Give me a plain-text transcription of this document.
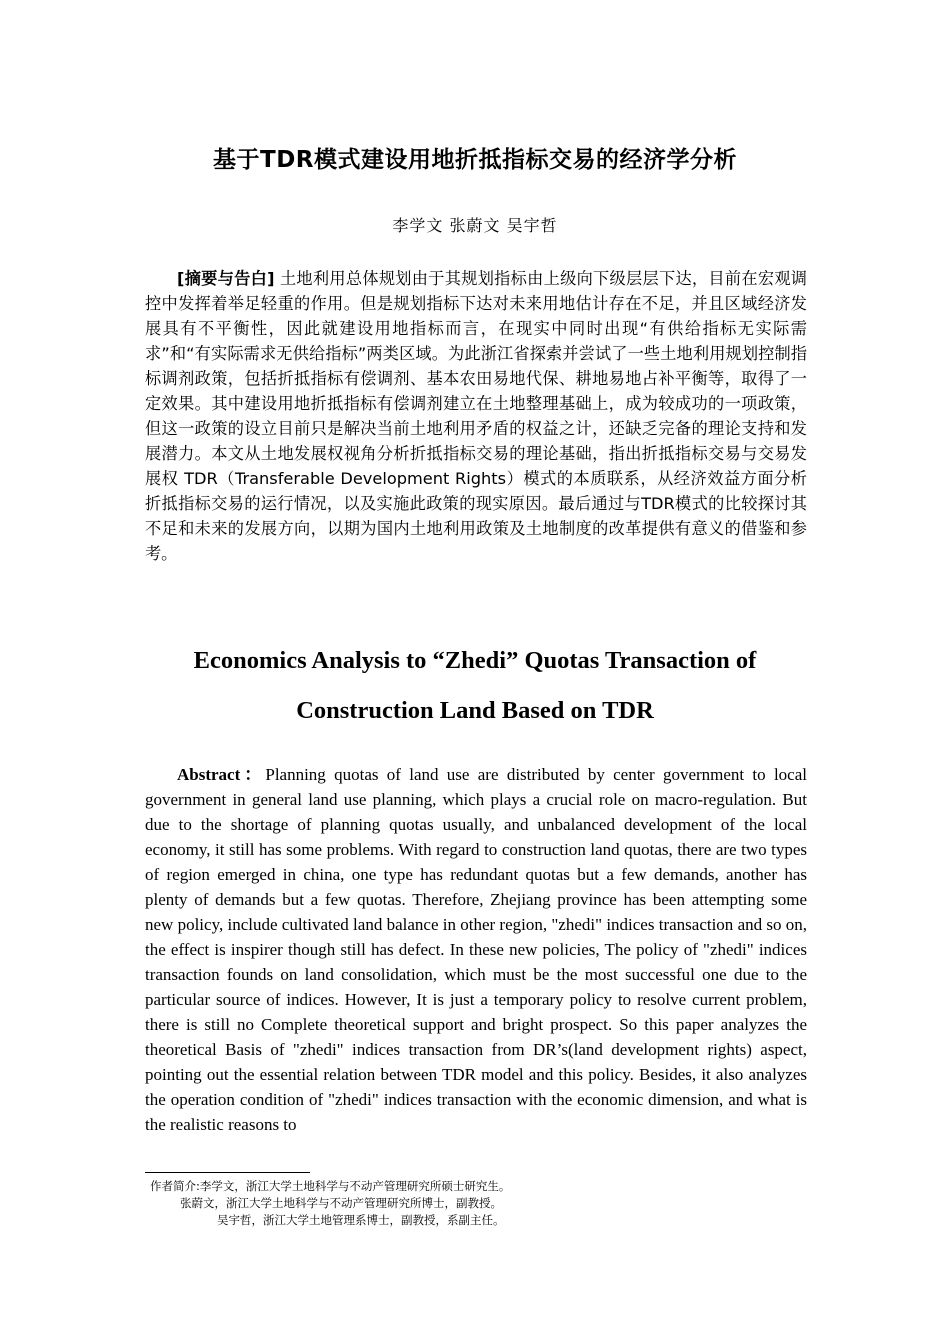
基于TDR模式建设用地折抵指标交易的经济学分析
李学文 张蔚文 吴宇哲

[摘要与告白] 土地利用总体规划由于其规划指标由上级向下级层层下达，目前在宏观调控中发挥着举足轻重的作用。但是规划指标下达对未来用地估计存在不足，并且区域经济发展具有不平衡性，因此就建设用地指标而言，在现实中同时出现“有供给指标无实际需求”和“有实际需求无供给指标”两类区域。为此浙江省探索并尝试了一些土地利用规划控制指标调剂政策，包括折抵指标有偿调剂、基本农田易地代保、耕地易地占补平衡等，取得了一定效果。其中建设用地折抵指标有偿调剂建立在土地整理基础上，成为较成功的一项政策，但这一政策的设立目前只是解决当前土地利用矛盾的权益之计，还缺乏完备的理论支持和发展潜力。本文从土地发展权视角分析折抵指标交易的理论基础，指出折抵指标交易与交易发展权 TDR（Transferable Development Rights）模式的本质联系，从经济效益方面分析折抵指标交易的运行情况，以及实施此政策的现实原因。最后通过与TDR模式的比较探讨其不足和未来的发展方向，以期为国内土地利用政策及土地制度的改革提供有意义的借鉴和参考。

Economics Analysis to “Zhedi” Quotas Transaction of
Construction Land Based on TDR

Abstract：Planning quotas of land use are distributed by center government to local government in general land use planning, which plays a crucial role on macro-regulation. But due to the shortage of planning quotas usually, and unbalanced development of the local economy, it still has some problems. With regard to construction land quotas, there are two types of region emerged in china, one type has redundant quotas but a few demands, another has plenty of demands but a few quotas. Therefore, Zhejiang province has been attempting some new policy, include cultivated land balance in other region, "zhedi" indices transaction and so on, the effect is inspirer though still has defect. In these new policies, The policy of "zhedi" indices transaction founds on land consolidation, which must be the most successful one due to the particular source of indices. However, It is just a temporary policy to resolve current problem, there is still no Complete theoretical support and bright prospect. So this paper analyzes the theoretical Basis of "zhedi" indices transaction from DR’s(land development rights) aspect, pointing out the essential relation between TDR model and this policy. Besides, it also analyzes the operation condition of "zhedi" indices transaction with the economic dimension, and what is the realistic reasons to

作者简介:李学文，浙江大学土地科学与不动产管理研究所硕士研究生。
张蔚文，浙江大学土地科学与不动产管理研究所博士，副教授。
吴宇哲，浙江大学土地管理系博士，副教授，系副主任。
